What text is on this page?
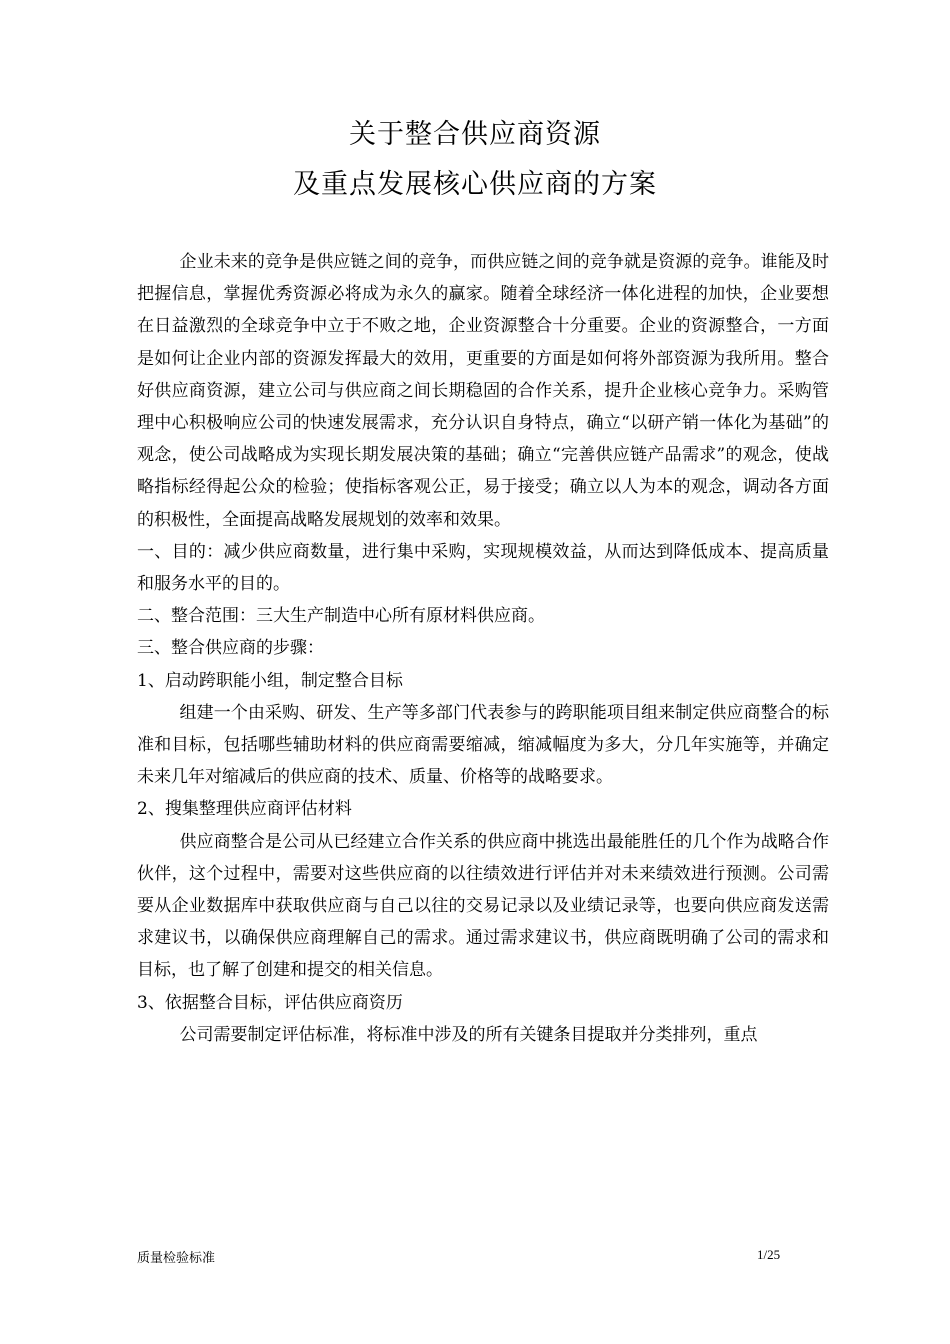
关于整合供应商资源
及重点发展核心供应商的方案

企业未来的竞争是供应链之间的竞争，而供应链之间的竞争就是资源的竞争。谁能及时把握信息，掌握优秀资源必将成为永久的赢家。随着全球经济一体化进程的加快，企业要想在日益激烈的全球竞争中立于不败之地，企业资源整合十分重要。企业的资源整合，一方面是如何让企业内部的资源发挥最大的效用，更重要的方面是如何将外部资源为我所用。整合好供应商资源，建立公司与供应商之间长期稳固的合作关系，提升企业核心竞争力。采购管理中心积极响应公司的快速发展需求，充分认识自身特点，确立“以研产销一体化为基础”的观念，使公司战略成为实现长期发展决策的基础；确立“完善供应链产品需求”的观念，使战略指标经得起公众的检验；使指标客观公正，易于接受；确立以人为本的观念，调动各方面的积极性，全面提高战略发展规划的效率和效果。

一、目的：减少供应商数量，进行集中采购，实现规模效益，从而达到降低成本、提高质量和服务水平的目的。

二、整合范围：三大生产制造中心所有原材料供应商。

三、整合供应商的步骤：

1、启动跨职能小组，制定整合目标

组建一个由采购、研发、生产等多部门代表参与的跨职能项目组来制定供应商整合的标准和目标，包括哪些辅助材料的供应商需要缩减，缩减幅度为多大，分几年实施等，并确定未来几年对缩减后的供应商的技术、质量、价格等的战略要求。

2、搜集整理供应商评估材料

供应商整合是公司从已经建立合作关系的供应商中挑选出最能胜任的几个作为战略合作伙伴，这个过程中，需要对这些供应商的以往绩效进行评估并对未来绩效进行预测。公司需要从企业数据库中获取供应商与自己以往的交易记录以及业绩记录等，也要向供应商发送需求建议书，以确保供应商理解自己的需求。通过需求建议书，供应商既明确了公司的需求和目标，也了解了创建和提交的相关信息。

3、依据整合目标，评估供应商资历

公司需要制定评估标准，将标准中涉及的所有关键条目提取并分类排列，重点

质量检验标准	1/25
